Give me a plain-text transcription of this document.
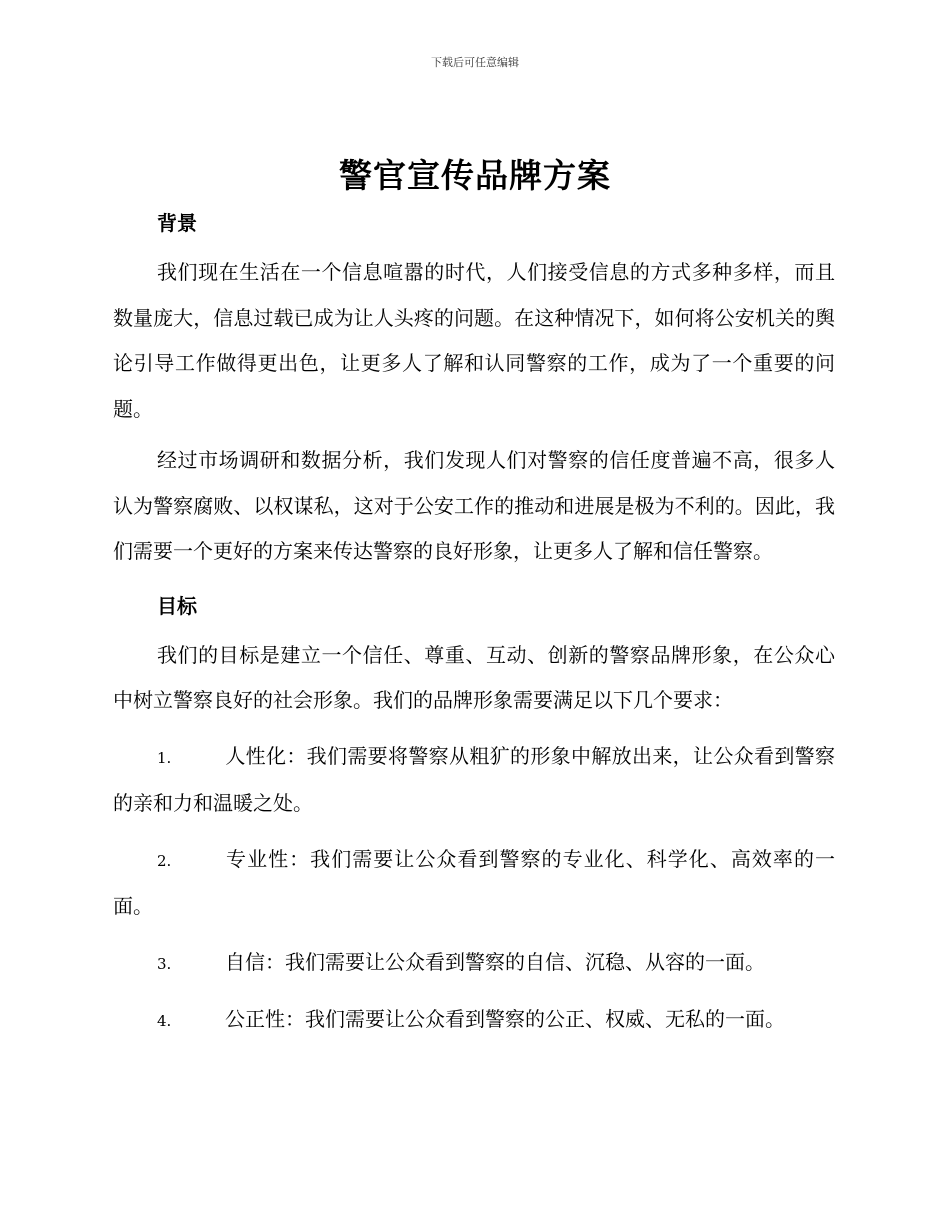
下载后可任意编辑
警官宣传品牌方案
背景

我们现在生活在一个信息喧嚣的时代，人们接受信息的方式多种多样，而且数量庞大，信息过载已成为让人头疼的问题。在这种情况下，如何将公安机关的舆论引导工作做得更出色，让更多人了解和认同警察的工作，成为了一个重要的问题。

经过市场调研和数据分析，我们发现人们对警察的信任度普遍不高，很多人认为警察腐败、以权谋私，这对于公安工作的推动和进展是极为不利的。因此，我们需要一个更好的方案来传达警察的良好形象，让更多人了解和信任警察。

目标

我们的目标是建立一个信任、尊重、互动、创新的警察品牌形象，在公众心中树立警察良好的社会形象。我们的品牌形象需要满足以下几个要求：

1.	人性化：我们需要将警察从粗犷的形象中解放出来，让公众看到警察的亲和力和温暖之处。
2.	专业性：我们需要让公众看到警察的专业化、科学化、高效率的一面。
3.	自信：我们需要让公众看到警察的自信、沉稳、从容的一面。
4.	公正性：我们需要让公众看到警察的公正、权威、无私的一面。
